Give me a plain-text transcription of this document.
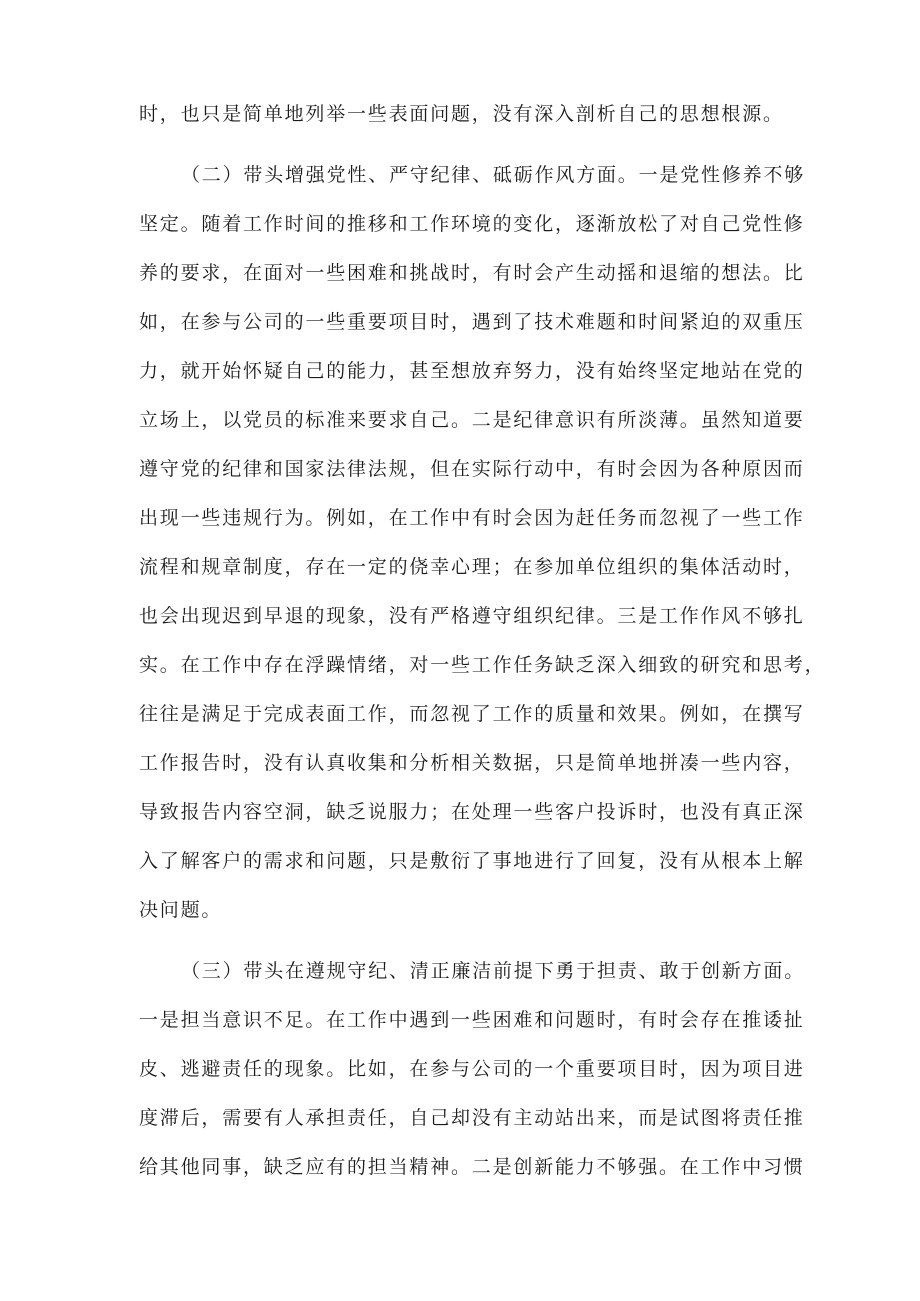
时，也只是简单地列举一些表面问题，没有深入剖析自己的思想根源。
（二）带头增强党性、严守纪律、砥砺作风方面。一是党性修养不够
坚定。随着工作时间的推移和工作环境的变化，逐渐放松了对自己党性修
养的要求，在面对一些困难和挑战时，有时会产生动摇和退缩的想法。比
如，在参与公司的一些重要项目时，遇到了技术难题和时间紧迫的双重压
力，就开始怀疑自己的能力，甚至想放弃努力，没有始终坚定地站在党的
立场上，以党员的标准来要求自己。二是纪律意识有所淡薄。虽然知道要
遵守党的纪律和国家法律法规，但在实际行动中，有时会因为各种原因而
出现一些违规行为。例如，在工作中有时会因为赶任务而忽视了一些工作
流程和规章制度，存在一定的侥幸心理；在参加单位组织的集体活动时，
也会出现迟到早退的现象，没有严格遵守组织纪律。三是工作作风不够扎
实。在工作中存在浮躁情绪，对一些工作任务缺乏深入细致的研究和思考，
往往是满足于完成表面工作，而忽视了工作的质量和效果。例如，在撰写
工作报告时，没有认真收集和分析相关数据，只是简单地拼凑一些内容，
导致报告内容空洞，缺乏说服力；在处理一些客户投诉时，也没有真正深
入了解客户的需求和问题，只是敷衍了事地进行了回复，没有从根本上解
决问题。
（三）带头在遵规守纪、清正廉洁前提下勇于担责、敢于创新方面。
一是担当意识不足。在工作中遇到一些困难和问题时，有时会存在推诿扯
皮、逃避责任的现象。比如，在参与公司的一个重要项目时，因为项目进
度滞后，需要有人承担责任，自己却没有主动站出来，而是试图将责任推
给其他同事，缺乏应有的担当精神。二是创新能力不够强。在工作中习惯
